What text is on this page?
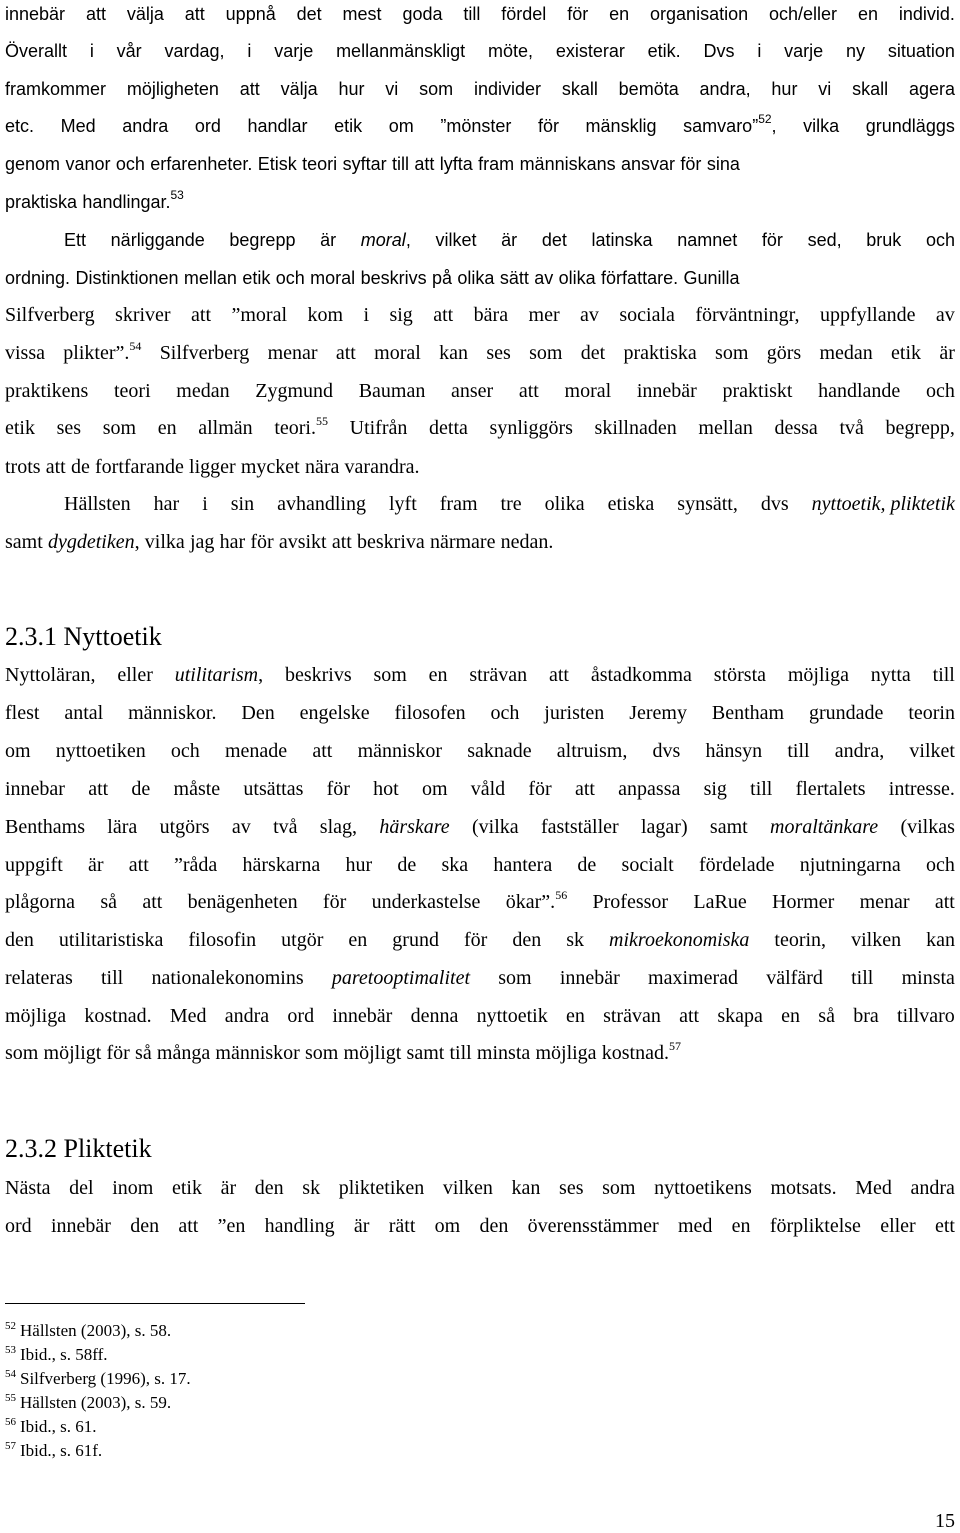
innebär att välja att uppnå det mest goda till fördel för en organisation och/eller en individ.
Överallt i vår vardag, i varje mellanmänskligt möte, existerar etik. Dvs i varje ny situation
framkommer möjligheten att välja hur vi som individer skall bemöta andra, hur vi skall agera
etc. Med andra ord handlar etik om ”mönster för mänsklig samvaro”$^{52}$, vilka grundläggs
genom vanor och erfarenheter. Etisk teori syftar till att lyfta fram människans ansvar för sina
praktiska handlingar.$^{53}$
Ett närliggande begrepp är moral, vilket är det latinska namnet för sed, bruk och
ordning. Distinktionen mellan etik och moral beskrivs på olika sätt av olika författare. Gunilla
Silfverberg skriver att ”moral kom i sig att bära mer av sociala förväntningr, uppfyllande av
vissa plikter”.$^{54}$ Silfverberg menar att moral kan ses som det praktiska som görs medan etik är
praktikens teori medan Zygmund Bauman anser att moral innebär praktiskt handlande och
etik ses som en allmän teori.$^{55}$ Utifrån detta synliggörs skillnaden mellan dessa två begrepp,
trots att de fortfarande ligger mycket nära varandra.
Hällsten har i sin avhandling lyft fram tre olika etiska synsätt, dvs nyttoetik, pliktetik
samt dygdetiken, vilka jag har för avsikt att beskriva närmare nedan.
Nyttoläran, eller utilitarism, beskrivs som en strävan att åstadkomma största möjliga nytta till
flest antal människor. Den engelske filosofen och juristen Jeremy Bentham grundade teorin
om nyttoetiken och menade att människor saknade altruism, dvs hänsyn till andra, vilket
innebar att de måste utsättas för hot om våld för att anpassa sig till flertalets intresse.
Benthams lära utgörs av två slag, härskare (vilka fastställer lagar) samt moraltänkare (vilkas
uppgift är att ”råda härskarna hur de ska hantera de socialt fördelade njutningarna och
plågorna så att benägenheten för underkastelse ökar”.$^{56}$ Professor LaRue Hormer menar att
den utilitaristiska filosofin utgör en grund för den sk mikroekonomiska teorin, vilken kan
relateras till nationalekonomins paretooptimalitet som innebär maximerad välfärd till minsta
möjliga kostnad. Med andra ord innebär denna nyttoetik en strävan att skapa en så bra tillvaro
som möjligt för så många människor som möjligt samt till minsta möjliga kostnad.$^{57}$
Nästa del inom etik är den sk pliktetiken vilken kan ses som nyttoetikens motsats. Med andra
ord innebär den att ”en handling är rätt om den överensstämmer med en förpliktelse eller ett
2.3.1 Nyttoetik
2.3.2 Pliktetik
$^{52}$ Hällsten (2003), s. 58.
$^{53}$ Ibid., s. 58ff.
$^{54}$ Silfverberg (1996), s. 17.
$^{55}$ Hällsten (2003), s. 59.
$^{56}$ Ibid., s. 61.
$^{57}$ Ibid., s. 61f.
15
